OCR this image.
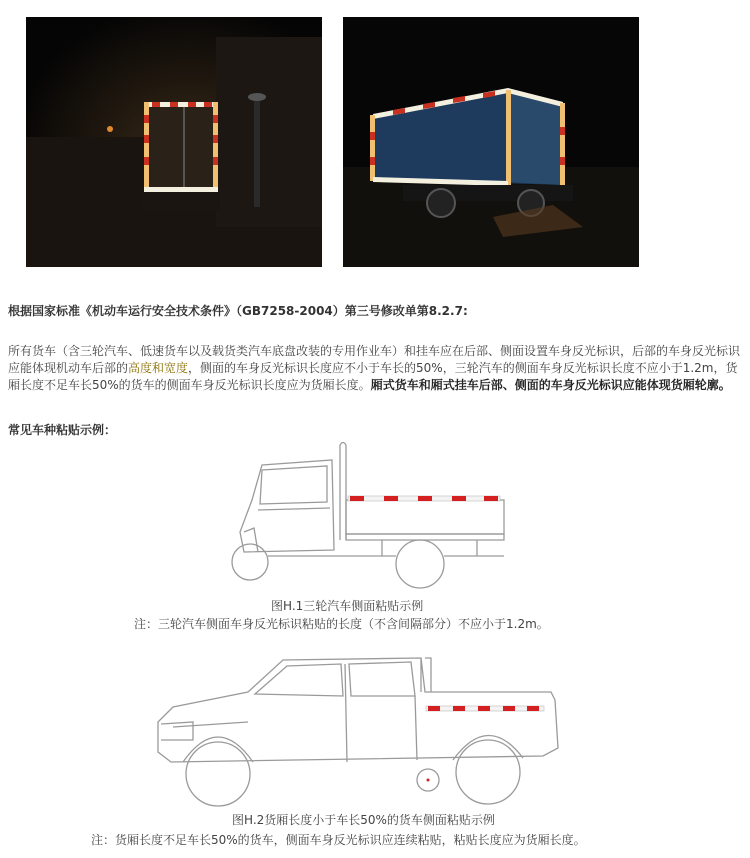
根据国家标准《机动车运行安全技术条件》（GB7258-2004）第三号修改单第8.2.7:
所有货车（含三轮汽车、低速货车以及载货类汽车底盘改装的专用作业车）和挂车应在后部、侧面设置车身反光标识，后部的车身反光标识应能体现机动车后部的高度和宽度，侧面的车身反光标识长度应不小于车长的50%，三轮汽车的侧面车身反光标识长度不应小于1.2m，货厢长度不足车长50%的货车的侧面车身反光标识长度应为货厢长度。厢式货车和厢式挂车后部、侧面的车身反光标识应能体现货厢轮廓。
常见车种粘贴示例：
图H.1三轮汽车侧面粘贴示例
注：三轮汽车侧面车身反光标识粘贴的长度（不含间隔部分）不应小于1.2m。
图H.2货厢长度小于车长50%的货车侧面粘贴示例
注：货厢长度不足车长50%的货车，侧面车身反光标识应连续粘贴，粘贴长度应为货厢长度。
